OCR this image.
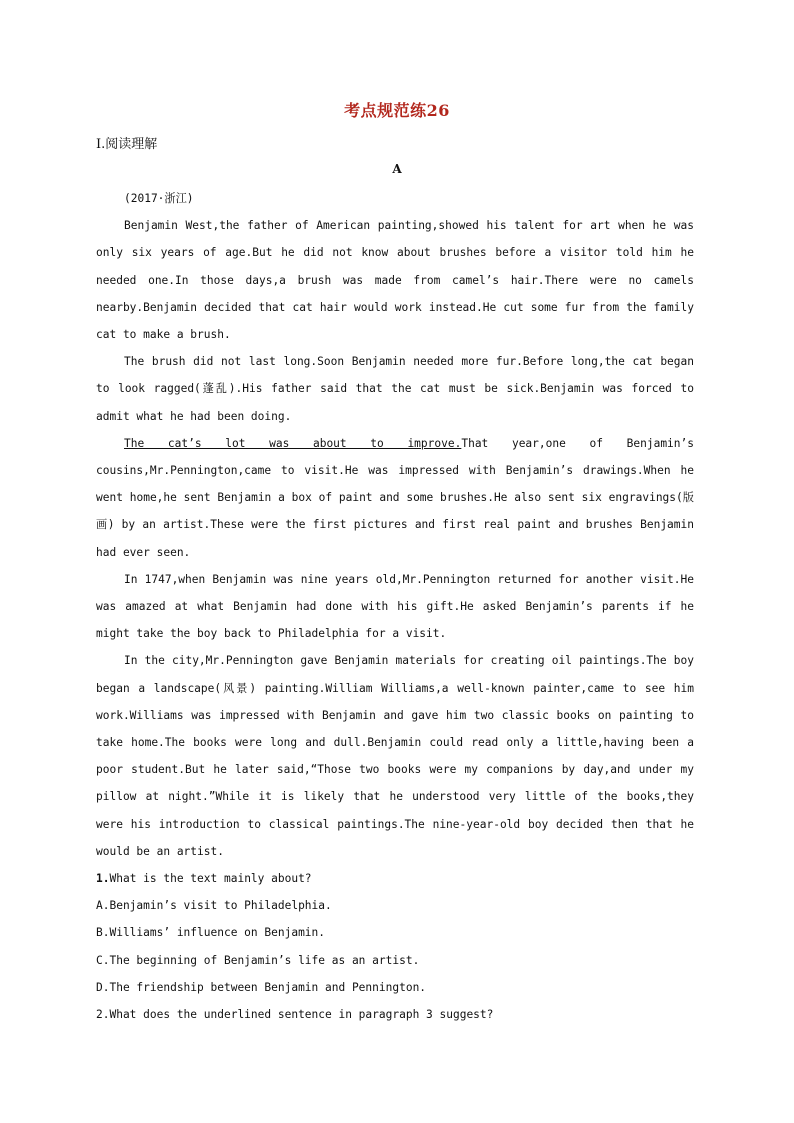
考点规范练26
Ⅰ.阅读理解
A

(2017·浙江)

Benjamin West,the father of American painting,showed his talent for art when he was only six years of age.But he did not know about brushes before a visitor told him he needed one.In those days,a brush was made from camel’s hair.There were no camels nearby.Benjamin decided that cat hair would work instead.He cut some fur from the family cat to make a brush.

The brush did not last long.Soon Benjamin needed more fur.Before long,the cat began to look ragged(蓬乱).His father said that the cat must be sick.Benjamin was forced to admit what he had been doing.

The cat’s lot was about to improve.That year,one of Benjamin’s cousins,Mr.Pennington,came to visit.He was impressed with Benjamin’s drawings.When he went home,he sent Benjamin a box of paint and some brushes.He also sent six engravings(版画) by an artist.These were the first pictures and first real paint and brushes Benjamin had ever seen.

In 1747,when Benjamin was nine years old,Mr.Pennington returned for another visit.He was amazed at what Benjamin had done with his gift.He asked Benjamin’s parents if he might take the boy back to Philadelphia for a visit.

In the city,Mr.Pennington gave Benjamin materials for creating oil paintings.The boy began a landscape(风景) painting.William Williams,a well-known painter,came to see him work.Williams was impressed with Benjamin and gave him two classic books on painting to take home.The books were long and dull.Benjamin could read only a little,having been a poor student.But he later said,“Those two books were my companions by day,and under my pillow at night.”While it is likely that he understood very little of the books,they were his introduction to classical paintings.The nine-year-old boy decided then that he would be an artist.

1.What is the text mainly about?

A.Benjamin’s visit to Philadelphia.

B.Williams’ influence on Benjamin.

C.The beginning of Benjamin’s life as an artist.

D.The friendship between Benjamin and Pennington.

2.What does the underlined sentence in paragraph 3 suggest?
